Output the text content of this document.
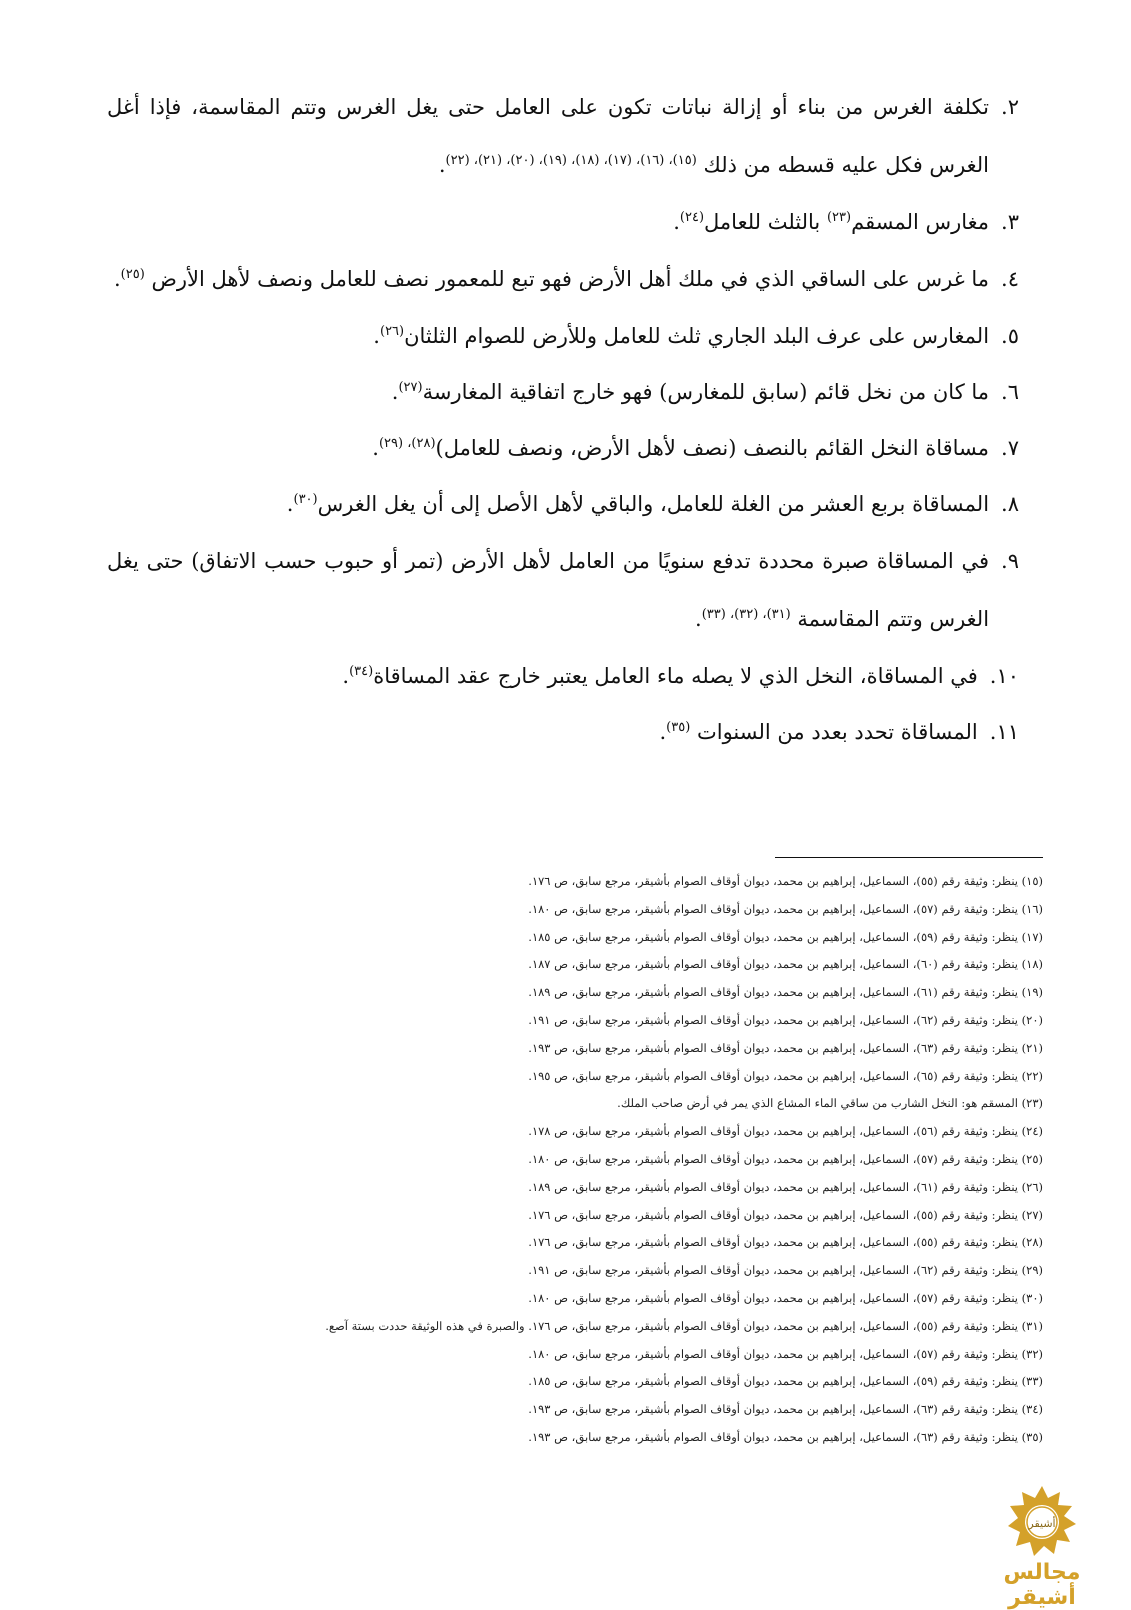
٢.
تكلفة الغرس من بناء أو إزالة نباتات تكون على العامل حتى يغل الغرس وتتم المقاسمة، فإذا أغل الغرس فكل عليه قسطه من ذلك $^{(١٥)، (١٦)، (١٧)، (١٨)، (١٩)، (٢٠)، (٢١)، (٢٢)}$.
٣.
مغارس المسقم$^{(٢٣)}$ بالثلث للعامل$^{(٢٤)}$.
٤.
ما غرس على الساقي الذي في ملك أهل الأرض فهو تبع للمعمور نصف للعامل ونصف لأهل الأرض $^{(٢٥)}$.
٥.
المغارس على عرف البلد الجاري ثلث للعامل وللأرض للصوام الثلثان$^{(٢٦)}$.
٦.
ما كان من نخل قائم (سابق للمغارس) فهو خارج اتفاقية المغارسة$^{(٢٧)}$.
٧.
مساقاة النخل القائم بالنصف (نصف لأهل الأرض، ونصف للعامل)$^{(٢٨)، (٢٩)}$.
٨.
المساقاة بربع العشر من الغلة للعامل، والباقي لأهل الأصل إلى أن يغل الغرس$^{(٣٠)}$.
٩.
في المساقاة صبرة محددة تدفع سنويًا من العامل لأهل الأرض (تمر أو حبوب حسب الاتفاق) حتى يغل الغرس وتتم المقاسمة $^{(٣١)، (٣٢)، (٣٣)}$.
١٠.
في المساقاة، النخل الذي لا يصله ماء العامل يعتبر خارج عقد المساقاة$^{(٣٤)}$.
١١.
المساقاة تحدد بعدد من السنوات $^{(٣٥)}$.
(١٥) ينظر: وثيقة رقم (٥٥)، السماعيل، إبراهيم بن محمد، ديوان أوقاف الصوام بأشيقر، مرجع سابق، ص ١٧٦.
(١٦) ينظر: وثيقة رقم (٥٧)، السماعيل، إبراهيم بن محمد، ديوان أوقاف الصوام بأشيقر، مرجع سابق، ص ١٨٠.
(١٧) ينظر: وثيقة رقم (٥٩)، السماعيل، إبراهيم بن محمد، ديوان أوقاف الصوام بأشيقر، مرجع سابق، ص ١٨٥.
(١٨) ينظر: وثيقة رقم (٦٠)، السماعيل، إبراهيم بن محمد، ديوان أوقاف الصوام بأشيقر، مرجع سابق، ص ١٨٧.
(١٩) ينظر: وثيقة رقم (٦١)، السماعيل، إبراهيم بن محمد، ديوان أوقاف الصوام بأشيقر، مرجع سابق، ص ١٨٩.
(٢٠) ينظر: وثيقة رقم (٦٢)، السماعيل، إبراهيم بن محمد، ديوان أوقاف الصوام بأشيقر، مرجع سابق، ص ١٩١.
(٢١) ينظر: وثيقة رقم (٦٣)، السماعيل، إبراهيم بن محمد، ديوان أوقاف الصوام بأشيقر، مرجع سابق، ص ١٩٣.
(٢٢) ينظر: وثيقة رقم (٦٥)، السماعيل، إبراهيم بن محمد، ديوان أوقاف الصوام بأشيقر، مرجع سابق، ص ١٩٥.
(٢٣) المسقم هو: النخل الشارب من ساقي الماء المشاع الذي يمر في أرض صاحب الملك.
(٢٤) ينظر: وثيقة رقم (٥٦)، السماعيل، إبراهيم بن محمد، ديوان أوقاف الصوام بأشيقر، مرجع سابق، ص ١٧٨.
(٢٥) ينظر: وثيقة رقم (٥٧)، السماعيل، إبراهيم بن محمد، ديوان أوقاف الصوام بأشيقر، مرجع سابق، ص ١٨٠.
(٢٦) ينظر: وثيقة رقم (٦١)، السماعيل، إبراهيم بن محمد، ديوان أوقاف الصوام بأشيقر، مرجع سابق، ص ١٨٩.
(٢٧) ينظر: وثيقة رقم (٥٥)، السماعيل، إبراهيم بن محمد، ديوان أوقاف الصوام بأشيقر، مرجع سابق، ص ١٧٦.
(٢٨) ينظر: وثيقة رقم (٥٥)، السماعيل، إبراهيم بن محمد، ديوان أوقاف الصوام بأشيقر، مرجع سابق، ص ١٧٦.
(٢٩) ينظر: وثيقة رقم (٦٢)، السماعيل، إبراهيم بن محمد، ديوان أوقاف الصوام بأشيقر، مرجع سابق، ص ١٩١.
(٣٠) ينظر: وثيقة رقم (٥٧)، السماعيل، إبراهيم بن محمد، ديوان أوقاف الصوام بأشيقر، مرجع سابق، ص ١٨٠.
(٣١) ينظر: وثيقة رقم (٥٥)، السماعيل، إبراهيم بن محمد، ديوان أوقاف الصوام بأشيقر، مرجع سابق، ص ١٧٦. والصبرة في هذه الوثيقة حددت بستة آصع.
(٣٢) ينظر: وثيقة رقم (٥٧)، السماعيل، إبراهيم بن محمد، ديوان أوقاف الصوام بأشيقر، مرجع سابق، ص ١٨٠.
(٣٣) ينظر: وثيقة رقم (٥٩)، السماعيل، إبراهيم بن محمد، ديوان أوقاف الصوام بأشيقر، مرجع سابق، ص ١٨٥.
(٣٤) ينظر: وثيقة رقم (٦٣)، السماعيل، إبراهيم بن محمد، ديوان أوقاف الصوام بأشيقر، مرجع سابق، ص ١٩٣.
(٣٥) ينظر: وثيقة رقم (٦٣)، السماعيل، إبراهيم بن محمد، ديوان أوقاف الصوام بأشيقر، مرجع سابق، ص ١٩٣.
أشيقر
مجالس أشيقر
